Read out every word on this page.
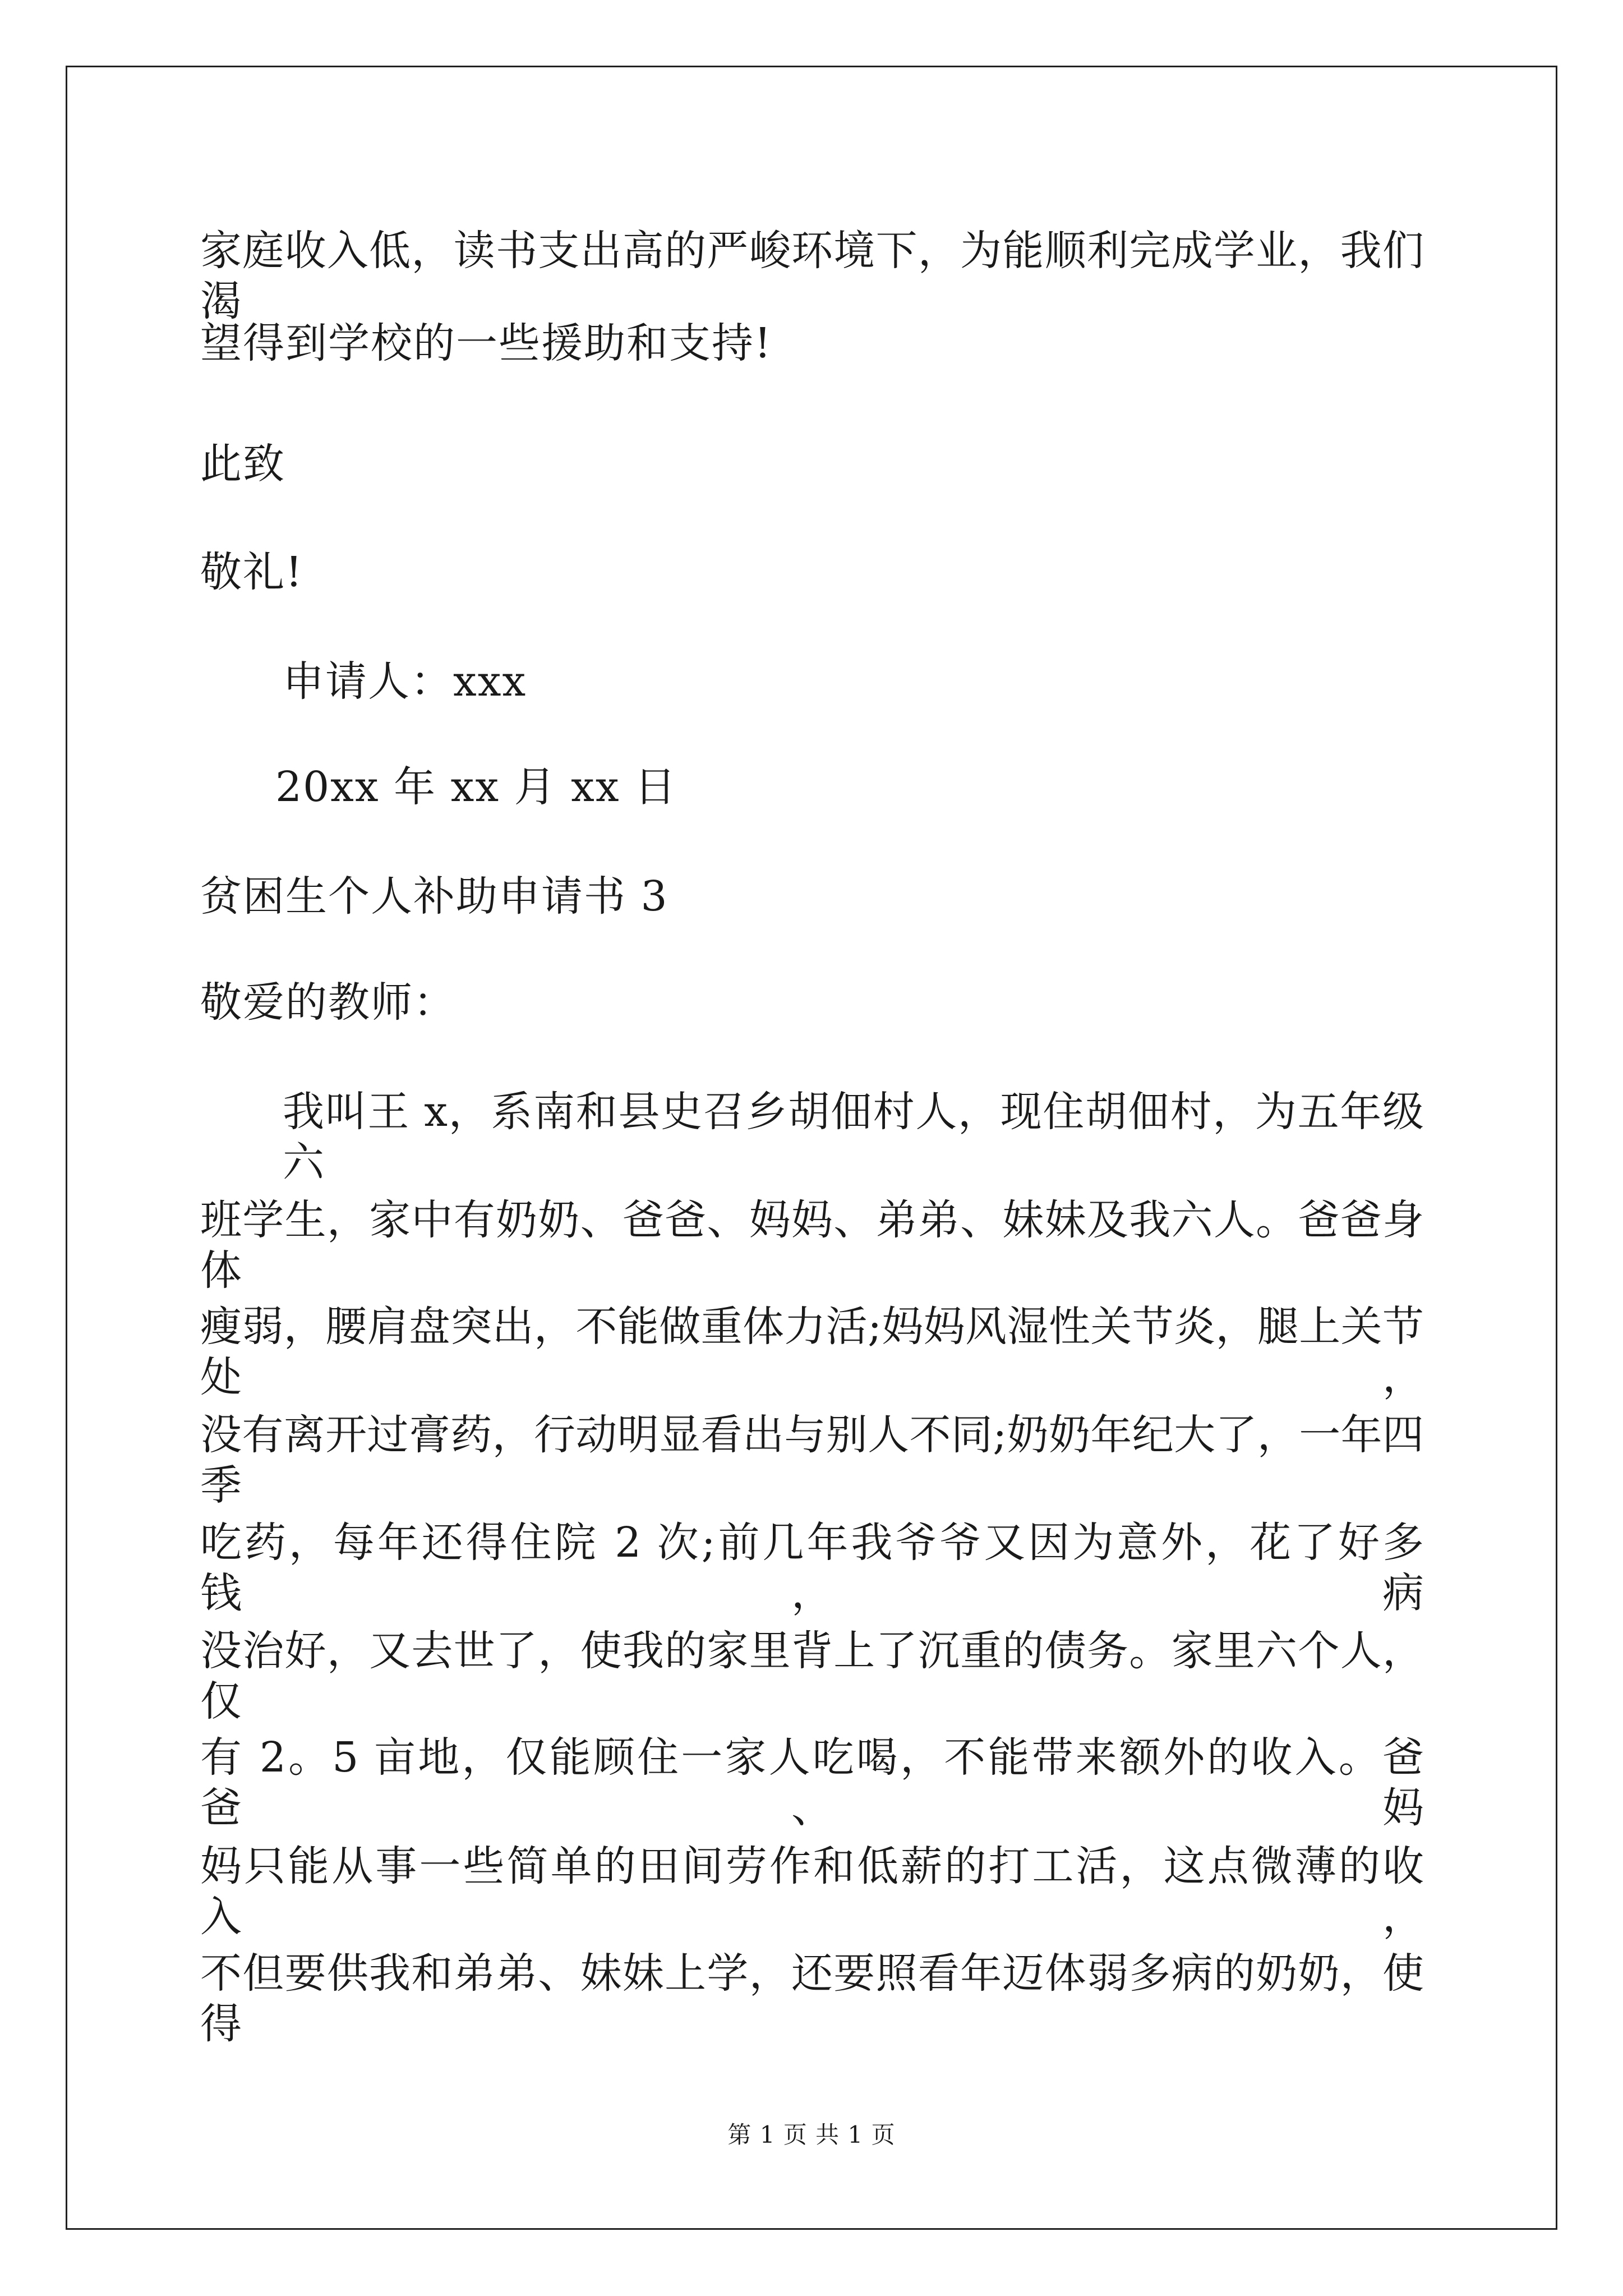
家庭收入低，读书支出高的严峻环境下，为能顺利完成学业，我们渴
望得到学校的一些援助和支持!
此致
敬礼!
申请人：xxx
20xx 年 xx 月 xx 日
贫困生个人补助申请书 3
敬爱的教师：
我叫王 x，系南和县史召乡胡佃村人，现住胡佃村，为五年级六
班学生，家中有奶奶、爸爸、妈妈、弟弟、妹妹及我六人。爸爸身体
瘦弱，腰肩盘突出，不能做重体力活;妈妈风湿性关节炎，腿上关节处，
没有离开过膏药，行动明显看出与别人不同;奶奶年纪大了，一年四季
吃药，每年还得住院 2 次;前几年我爷爷又因为意外，花了好多钱，病
没治好，又去世了，使我的家里背上了沉重的债务。家里六个人，仅
有 2。5 亩地，仅能顾住一家人吃喝，不能带来额外的收入。爸爸、妈
妈只能从事一些简单的田间劳作和低薪的打工活，这点微薄的收入，
不但要供我和弟弟、妹妹上学，还要照看年迈体弱多病的奶奶，使得
第 1 页 共 1 页
